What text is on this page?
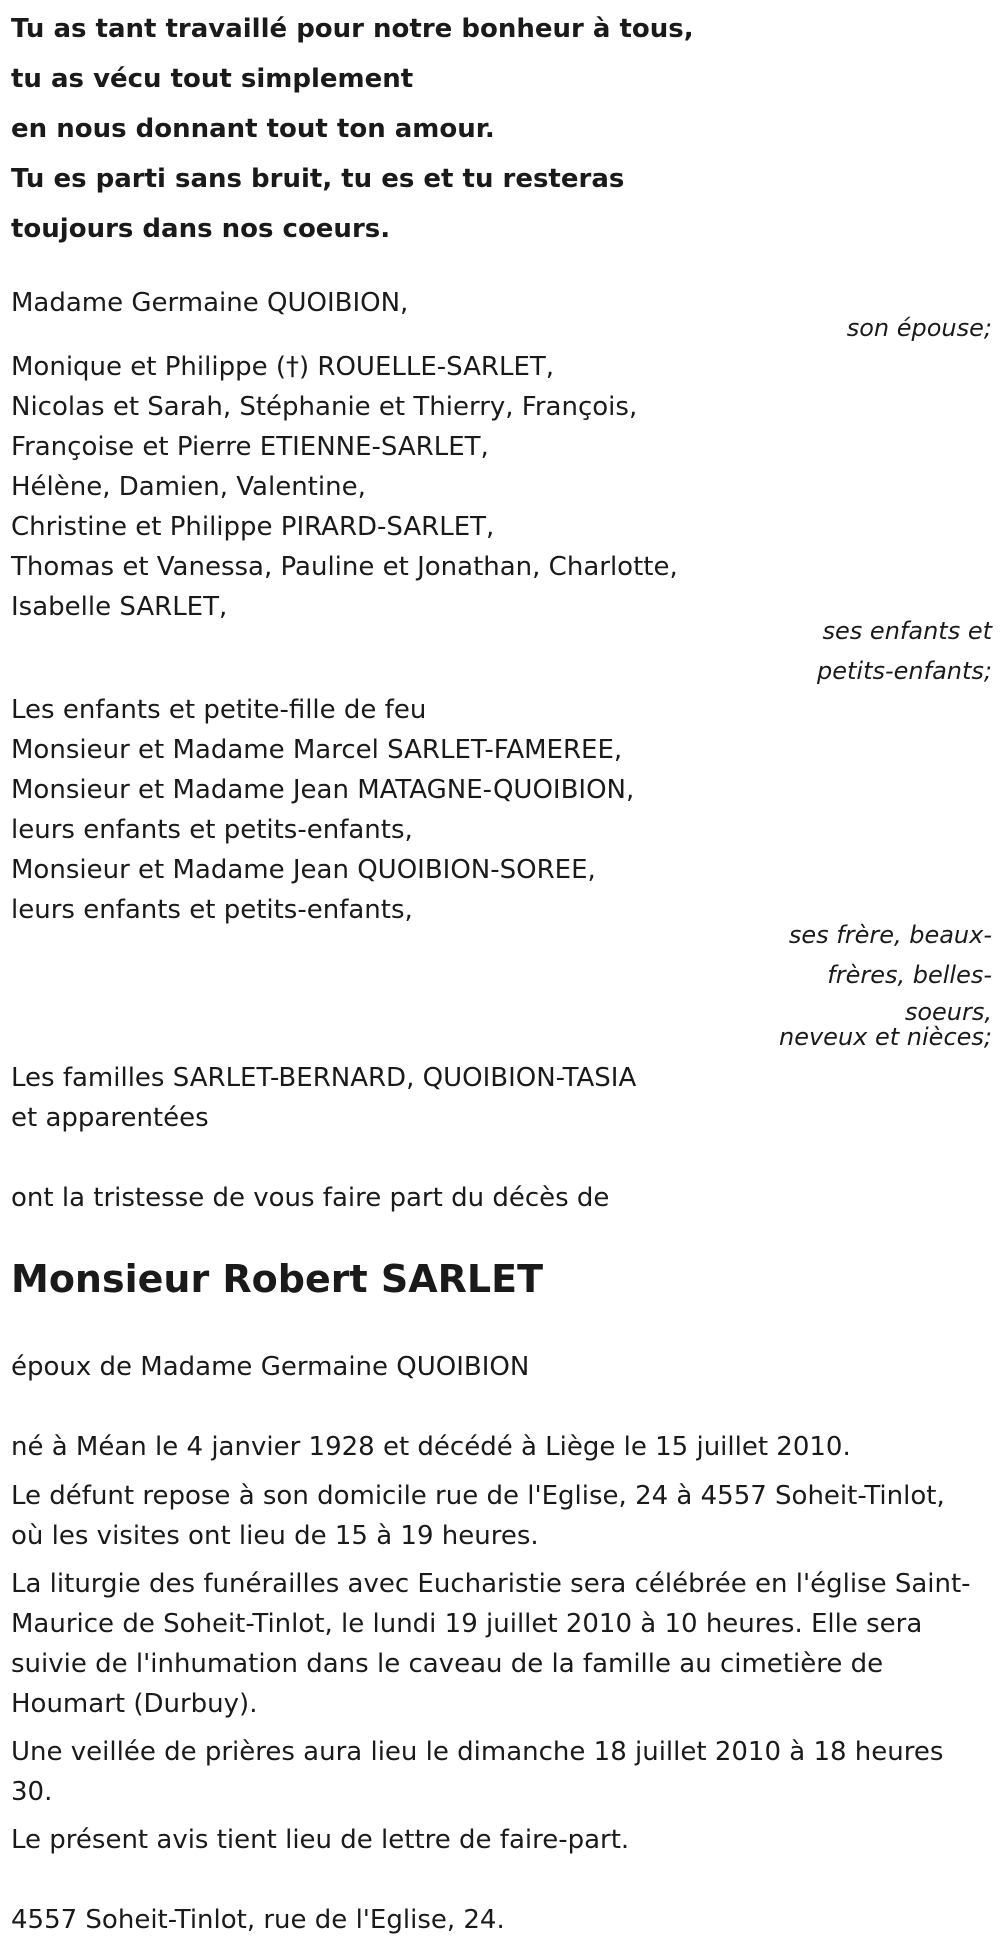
Tu as tant travaillé pour notre bonheur à tous,
tu as vécu tout simplement
en nous donnant tout ton amour.
Tu es parti sans bruit, tu es et tu resteras
toujours dans nos coeurs.
Madame Germaine QUOIBION,
son épouse;
Monique et Philippe (†) ROUELLE-SARLET,
Nicolas et Sarah, Stéphanie et Thierry, François,
Françoise et Pierre ETIENNE-SARLET,
Hélène, Damien, Valentine,
Christine et Philippe PIRARD-SARLET,
Thomas et Vanessa, Pauline et Jonathan, Charlotte,
Isabelle SARLET,
ses enfants et
petits-enfants;
Les enfants et petite-fille de feu
Monsieur et Madame Marcel SARLET-FAMEREE,
Monsieur et Madame Jean MATAGNE-QUOIBION,
leurs enfants et petits-enfants,
Monsieur et Madame Jean QUOIBION-SOREE,
leurs enfants et petits-enfants,
ses frère, beaux-
frères, belles-
soeurs,
neveux et nièces;
Les familles SARLET-BERNARD, QUOIBION-TASIA
et apparentées
ont la tristesse de vous faire part du décès de
Monsieur Robert SARLET
époux de Madame Germaine QUOIBION
né à Méan le 4 janvier 1928 et décédé à Liège le 15 juillet 2010.
Le défunt repose à son domicile rue de l'Eglise, 24 à 4557 Soheit-Tinlot,
où les visites ont lieu de 15 à 19 heures.
La liturgie des funérailles avec Eucharistie sera célébrée en l'église Saint-
Maurice de Soheit-Tinlot, le lundi 19 juillet 2010 à 10 heures. Elle sera
suivie de l'inhumation dans le caveau de la famille au cimetière de
Houmart (Durbuy).
Une veillée de prières aura lieu le dimanche 18 juillet 2010 à 18 heures
30.
Le présent avis tient lieu de lettre de faire-part.
4557 Soheit-Tinlot, rue de l'Eglise, 24.
